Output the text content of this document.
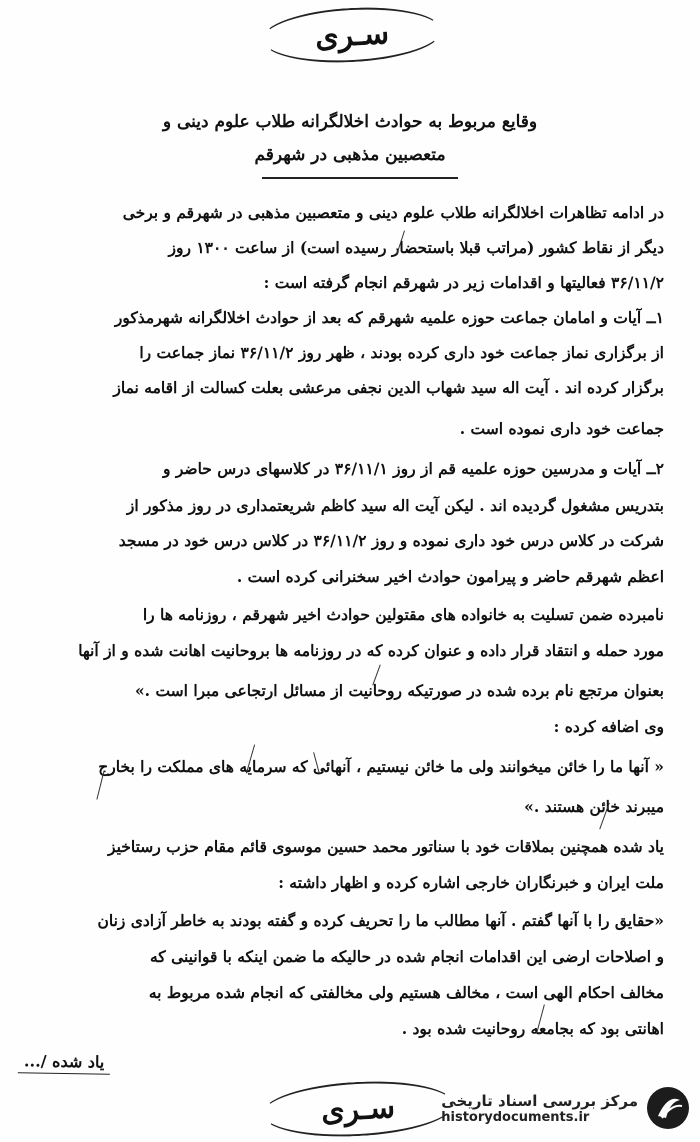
سـری
وقایع مربوط به حوادث اخلالگرانه طلاب علوم دینی و
متعصبین مذهبی در شهرقم
در ادامه تظاهرات اخلالگرانه طلاب علوم دینی و متعصبین مذهبی در شهرقم و برخی
دیگر از نقاط کشور (مراتب قبلا باستحضار رسیده است) از ساعت ۱۳۰۰ روز
۳۶/۱۱/۲ فعالیتها و اقدامات زیر در شهرقم انجام گرفته است :
۱ــ آیات و امامان جماعت حوزه علمیه شهرقم که بعد از حوادث اخلالگرانه شهرمذکور
از برگزاری نماز جماعت خود داری کرده بودند ، ظهر روز ۳۶/۱۱/۲ نماز جماعت را
برگزار کرده اند . آیت اله سید شهاب الدین نجفی مرعشی بعلت کسالت از اقامه نماز
جماعت خود داری نموده است .
۲ــ آیات و مدرسین حوزه علمیه قم از روز ۳۶/۱۱/۱ در کلاسهای درس حاضر و
بتدریس مشغول گردیده اند . لیکن آیت اله سید کاظم شریعتمداری در روز مذکور از
شرکت در کلاس درس خود داری نموده و روز ۳۶/۱۱/۲ در کلاس درس خود در مسجد
اعظم شهرقم حاضر و پیرامون حوادث اخیر سخنرانی کرده است .
نامبرده ضمن تسلیت به خانواده های مقتولین حوادث اخیر شهرقم ، روزنامه ها را
مورد حمله و انتقاد قرار داده و عنوان کرده که در روزنامه ها بروحانیت اهانت شده و از آنها
بعنوان مرتجع نام برده شده در صورتیکه روحانیت از مسائل ارتجاعی مبرا است .»
وی اضافه کرده :
« آنها ما را خائن میخوانند ولی ما خائن نیستیم ، آنهائی که سرمایه های مملکت را بخارج
میبرند خائن هستند .»
یاد شده همچنین بملاقات خود با سناتور محمد حسین موسوی قائم مقام حزب رستاخیز
ملت ایران و خبرنگاران خارجی اشاره کرده و اظهار داشته :
«حقایق را با آنها گفتم . آنها مطالب ما را تحریف کرده و گفته بودند به خاطر آزادی زنان
و اصلاحات ارضی این اقدامات انجام شده در حالیکه ما ضمن اینکه با قوانینی که
مخالف احکام الهی است ، مخالف هستیم ولی مخالفتی که انجام شده مربوط به
اهانتی بود که بجامعه روحانیت شده بود .
یاد شده /...
سـری	مرکز بررسی اسناد تاریخی
historydocuments.ir
